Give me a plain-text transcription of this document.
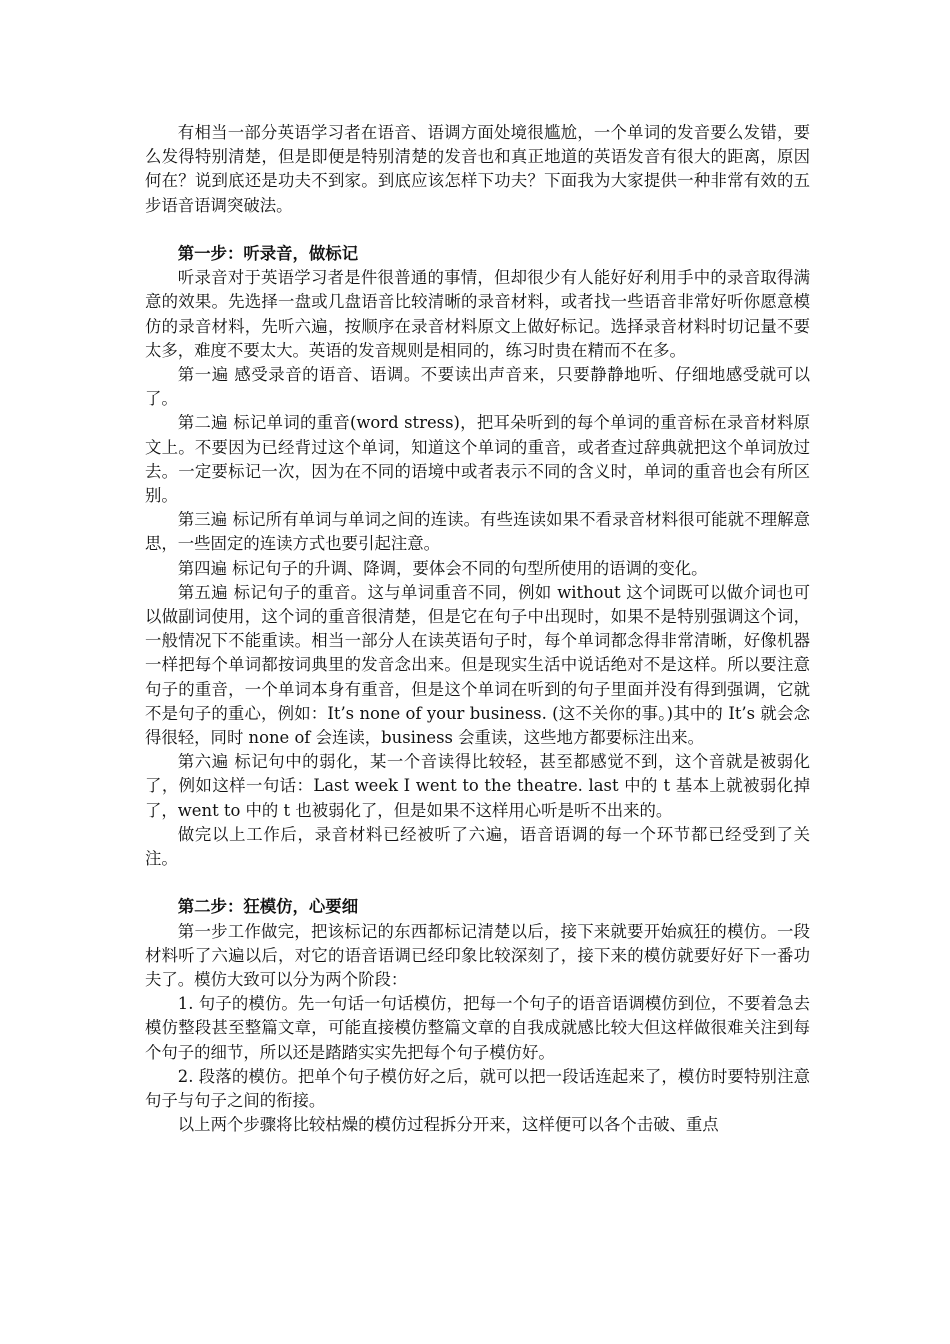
有相当一部分英语学习者在语音、语调方面处境很尴尬，一个单词的发音要么发错，要么发得特别清楚，但是即便是特别清楚的发音也和真正地道的英语发音有很大的距离，原因何在？说到底还是功夫不到家。到底应该怎样下功夫？下面我为大家提供一种非常有效的五步语音语调突破法。

第一步：听录音，做标记

听录音对于英语学习者是件很普通的事情，但却很少有人能好好利用手中的录音取得满意的效果。先选择一盘或几盘语音比较清晰的录音材料，或者找一些语音非常好听你愿意模仿的录音材料，先听六遍，按顺序在录音材料原文上做好标记。选择录音材料时切记量不要太多，难度不要太大。英语的发音规则是相同的，练习时贵在精而不在多。

第一遍 感受录音的语音、语调。不要读出声音来，只要静静地听、仔细地感受就可以了。

第二遍 标记单词的重音(word stress)，把耳朵听到的每个单词的重音标在录音材料原文上。不要因为已经背过这个单词，知道这个单词的重音，或者查过辞典就把这个单词放过去。一定要标记一次，因为在不同的语境中或者表示不同的含义时，单词的重音也会有所区别。

第三遍 标记所有单词与单词之间的连读。有些连读如果不看录音材料很可能就不理解意思，一些固定的连读方式也要引起注意。

第四遍 标记句子的升调、降调，要体会不同的句型所使用的语调的变化。

第五遍 标记句子的重音。这与单词重音不同，例如 without 这个词既可以做介词也可以做副词使用，这个词的重音很清楚，但是它在句子中出现时，如果不是特别强调这个词，一般情况下不能重读。相当一部分人在读英语句子时，每个单词都念得非常清晰，好像机器一样把每个单词都按词典里的发音念出来。但是现实生活中说话绝对不是这样。所以要注意句子的重音，一个单词本身有重音，但是这个单词在听到的句子里面并没有得到强调，它就不是句子的重心，例如：It’s none of your business. (这不关你的事。)其中的 It’s 就会念得很轻，同时 none of 会连读，business 会重读，这些地方都要标注出来。

第六遍 标记句中的弱化，某一个音读得比较轻，甚至都感觉不到，这个音就是被弱化了，例如这样一句话：Last week I went to the theatre. last 中的 t 基本上就被弱化掉了，went to 中的 t 也被弱化了，但是如果不这样用心听是听不出来的。

做完以上工作后，录音材料已经被听了六遍，语音语调的每一个环节都已经受到了关注。

第二步：狂模仿，心要细

第一步工作做完，把该标记的东西都标记清楚以后，接下来就要开始疯狂的模仿。一段材料听了六遍以后，对它的语音语调已经印象比较深刻了，接下来的模仿就要好好下一番功夫了。模仿大致可以分为两个阶段：

1. 句子的模仿。先一句话一句话模仿，把每一个句子的语音语调模仿到位，不要着急去模仿整段甚至整篇文章，可能直接模仿整篇文章的自我成就感比较大但这样做很难关注到每个句子的细节，所以还是踏踏实实先把每个句子模仿好。

2. 段落的模仿。把单个句子模仿好之后，就可以把一段话连起来了，模仿时要特别注意句子与句子之间的衔接。

以上两个步骤将比较枯燥的模仿过程拆分开来，这样便可以各个击破、重点
